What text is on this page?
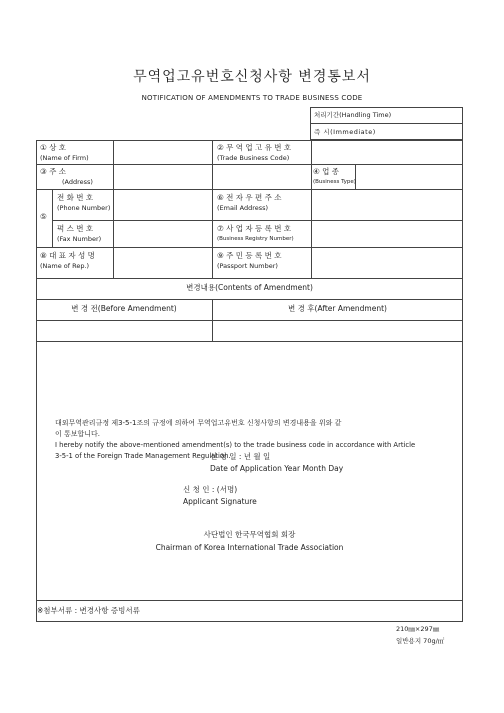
무역업고유번호신청사항 변경통보서
NOTIFICATION OF AMENDMENTS TO TRADE BUSINESS CODE
처리기간(Handling Time)
즉 시(Immediate)
① 상 호
(Name of Firm)
② 무 역 업 고 유 번 호
(Trade Business Code)
③ 주 소
(Address)
④ 업 종
(Business Type)
⑤
전 화 번 호
(Phone Number)
⑥ 전 자 우 편 주 소
(Email Address)
퍽 스 번 호
(Fax Number)
⑦ 사 업 자 등 록 번 호
(Business Registry Number)
⑧ 대 표 자 성 명
(Name of Rep.)
⑨ 주 민 등 록 번 호
(Passport Number)
변경내용(Contents of Amendment)
변 경 전(Before Amendment)	변 경 후(After Amendment)
대외무역관리규정 제3-5-1조의 규정에 의하여 무역업고유번호 신청사항의 변경내용을 위와 같
이 통보합니다.
I hereby notify the above-mentioned amendment(s) to the trade business code in accordance with Article
3-5-1 of the Foreign Trade Management Regulation.
신 청 일 : 년 월 일
Date of Application Year Month Day
신 청 인 : (서명)
Applicant Signature
사단법인 한국무역협회 회장
Chairman of Korea International Trade Association
※첨부서류 : 변경사항 증빙서류
210㎜×297㎜
일반용지 70g/㎡
